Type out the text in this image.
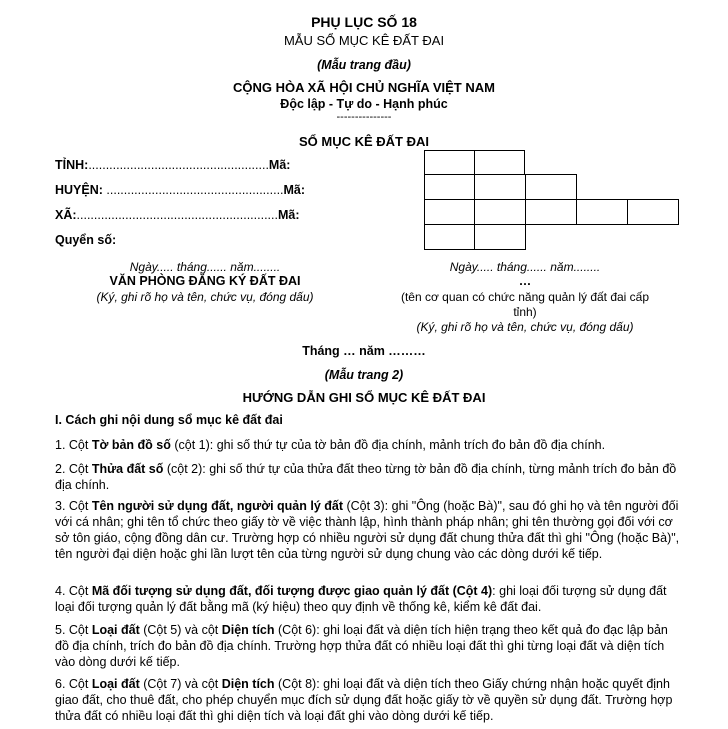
PHỤ LỤC SỐ 18
MẪU SỔ MỤC KÊ ĐẤT ĐAI
(Mẫu trang đầu)
CỘNG HÒA XÃ HỘI CHỦ NGHĨA VIỆT NAM
Độc lập - Tự do - Hạnh phúc
---------------
SỔ MỤC KÊ ĐẤT ĐAI
TỈNH:....................................................Mã:
HUYỆN: ...................................................Mã:
XÃ:..........................................................Mã:
Quyển số:
Ngày..... tháng...... năm........
VĂN PHÒNG ĐĂNG KÝ ĐẤT ĐAI
(Ký, ghi rõ họ và tên, chức vụ, đóng dấu)
Ngày..... tháng...... năm........
…
(tên cơ quan có chức năng quản lý đất đai cấp
tỉnh)
(Ký, ghi rõ họ và tên, chức vụ, đóng dấu)
Tháng … năm ………
(Mẫu trang 2)
HƯỚNG DẪN GHI SỔ MỤC KÊ ĐẤT ĐAI
I. Cách ghi nội dung sổ mục kê đất đai
1. Cột Tờ bản đồ số (cột 1): ghi số thứ tự của tờ bản đồ địa chính, mảnh trích đo bản đồ địa chính.
2. Cột Thửa đất số (cột 2): ghi số thứ tự của thửa đất theo từng tờ bản đồ địa chính, từng mảnh trích đo bản đồ địa chính.
3. Cột Tên người sử dụng đất, người quản lý đất (Cột 3): ghi "Ông (hoặc Bà)", sau đó ghi họ và tên người đối với cá nhân; ghi tên tổ chức theo giấy tờ về việc thành lập, hình thành pháp nhân; ghi tên thường gọi đối với cơ sở tôn giáo, cộng đồng dân cư. Trường hợp có nhiều người sử dụng đất chung thửa đất thì ghi "Ông (hoặc Bà)", tên người đại diện hoặc ghi lần lượt tên của từng người sử dụng chung vào các dòng dưới kế tiếp.
4. Cột Mã đối tượng sử dụng đất, đối tượng được giao quản lý đất (Cột 4): ghi loại đối tượng sử dụng đất loại đối tượng quản lý đất bằng mã (ký hiệu) theo quy định về thống kê, kiểm kê đất đai.
5. Cột Loại đất (Cột 5) và cột Diện tích (Cột 6): ghi loại đất và diện tích hiện trạng theo kết quả đo đạc lập bản đồ địa chính, trích đo bản đồ địa chính. Trường hợp thửa đất có nhiều loại đất thì ghi từng loại đất và diện tích vào dòng dưới kế tiếp.
6. Cột Loại đất (Cột 7) và cột Diện tích (Cột 8): ghi loại đất và diện tích theo Giấy chứng nhận hoặc quyết định giao đất, cho thuê đất, cho phép chuyển mục đích sử dụng đất hoặc giấy tờ về quyền sử dụng đất. Trường hợp thửa đất có nhiều loại đất thì ghi diện tích và loại đất ghi vào dòng dưới kế tiếp.
